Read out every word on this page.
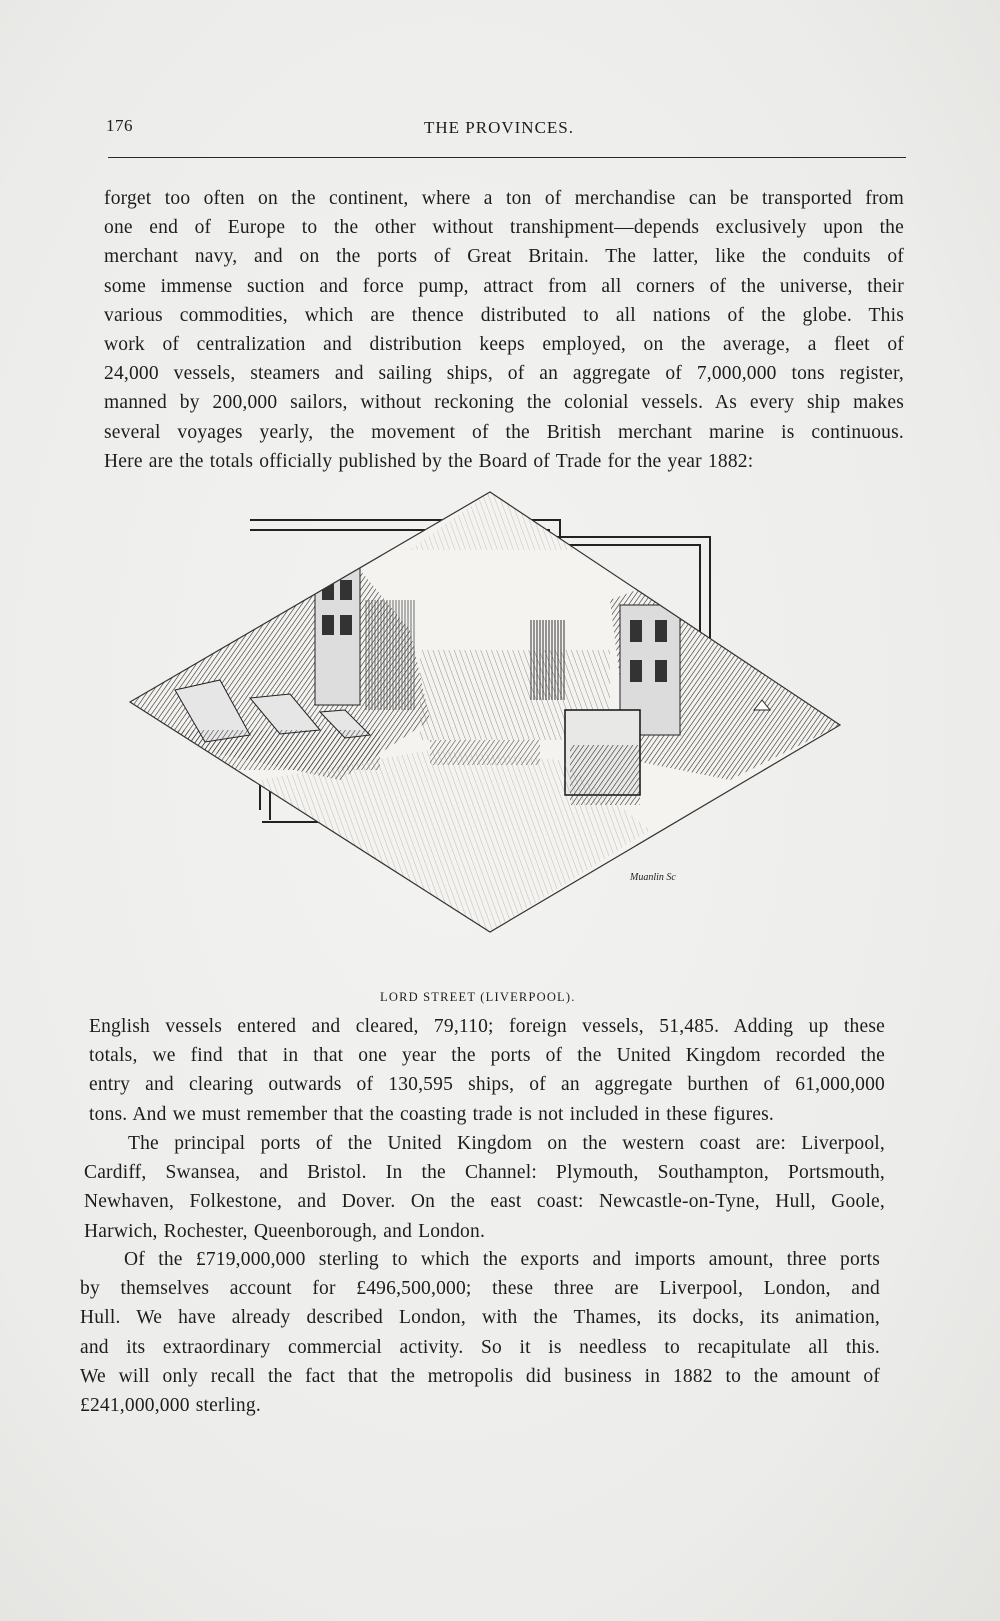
176	THE PROVINCES.

forget too often on the continent, where a ton of merchandise can be transported from
one end of Europe to the other without transhipment—depends exclusively upon the
merchant navy, and on the ports of Great Britain. The latter, like the conduits of
some immense suction and force pump, attract from all corners of the universe, their
various commodities, which are thence distributed to all nations of the globe. This
work of centralization and distribution keeps employed, on the average, a fleet of
24,000 vessels, steamers and sailing ships, of an aggregate of 7,000,000 tons register,
manned by 200,000 sailors, without reckoning the colonial vessels. As every ship makes
several voyages yearly, the movement of the British merchant marine is continuous.
Here are the totals officially published by the Board of Trade for the year 1882:

Muanlin Sc
LORD STREET (LIVERPOOL).

English vessels entered and cleared, 79,110; foreign vessels, 51,485. Adding up these
totals, we find that in that one year the ports of the United Kingdom recorded the
entry and clearing outwards of 130,595 ships, of an aggregate burthen of 61,000,000
tons. And we must remember that the coasting trade is not included in these figures.

The principal ports of the United Kingdom on the western coast are: Liverpool,
Cardiff, Swansea, and Bristol. In the Channel: Plymouth, Southampton, Portsmouth,
Newhaven, Folkestone, and Dover. On the east coast: Newcastle-on-Tyne, Hull, Goole,
Harwich, Rochester, Queenborough, and London.

Of the £719,000,000 sterling to which the exports and imports amount, three ports
by themselves account for £496,500,000; these three are Liverpool, London, and
Hull. We have already described London, with the Thames, its docks, its animation,
and its extraordinary commercial activity. So it is needless to recapitulate all this.
We will only recall the fact that the metropolis did business in 1882 to the amount of
£241,000,000 sterling.
